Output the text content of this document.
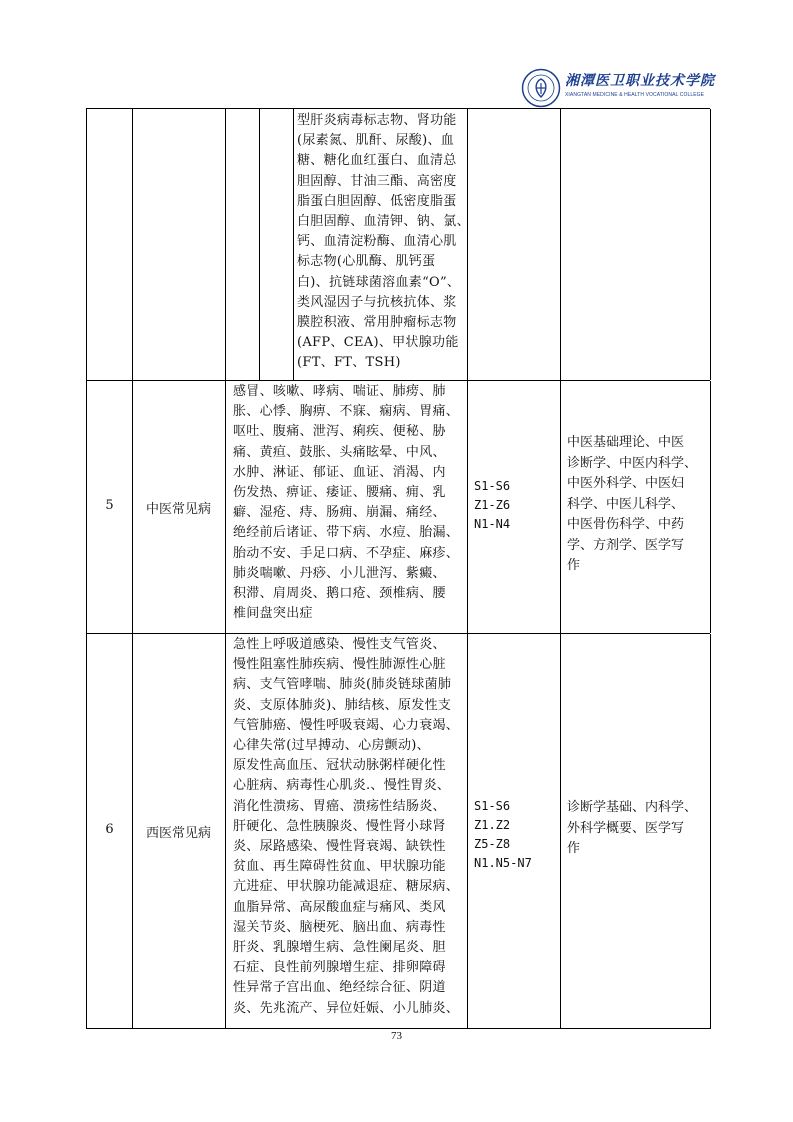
湘潭医卫职业技术学院
XIANGTAN MEDICINE & HEALTH VOCATIONAL COLLEGE
型肝炎病毒标志物、肾功能
(尿素氮、肌酐、尿酸)、血
糖、糖化血红蛋白、血清总
胆固醇、甘油三酯、高密度
脂蛋白胆固醇、低密度脂蛋
白胆固醇、血清钾、钠、氯、
钙、血清淀粉酶、血清心肌
标志物(心肌酶、肌钙蛋
白)、抗链球菌溶血素“O”、
类风湿因子与抗核抗体、浆
膜腔积液、常用肿瘤标志物
(AFP、CEA)、甲状腺功能
(FT、FT、TSH)
5	中医常见病
感冒、咳嗽、哮病、喘证、肺痨、肺
胀、心悸、胸痹、不寐、痫病、胃痛、
呕吐、腹痛、泄泻、痢疾、便秘、胁
痛、黄疸、鼓胀、头痛眩晕、中风、
水肿、淋证、郁证、血证、消渴、内
伤发热、痹证、痿证、腰痛、痈、乳
癖、湿疮、痔、肠痈、崩漏、痛经、
绝经前后诸证、带下病、水痘、胎漏、
胎动不安、手足口病、不孕症、麻疹、
肺炎喘嗽、丹痧、小儿泄泻、紫癜、
积滞、肩周炎、鹅口疮、颈椎病、腰
椎间盘突出症
S1-S6
Z1-Z6
N1-N4
中医基础理论、中医
诊断学、中医内科学、
中医外科学、中医妇
科学、中医儿科学、
中医骨伤科学、中药
学、方剂学、医学写
作
6	西医常见病
急性上呼吸道感染、慢性支气管炎、
慢性阻塞性肺疾病、慢性肺源性心脏
病、支气管哮喘、肺炎(肺炎链球菌肺
炎、支原体肺炎)、肺结核、原发性支
气管肺癌、慢性呼吸衰竭、心力衰竭、
心律失常(过早搏动、心房颤动)、
原发性高血压、冠状动脉粥样硬化性
心脏病、病毒性心肌炎.、慢性胃炎、
消化性溃疡、胃癌、溃疡性结肠炎、
肝硬化、急性胰腺炎、慢性肾小球肾
炎、尿路感染、慢性肾衰竭、缺铁性
贫血、再生障碍性贫血、甲状腺功能
亢进症、甲状腺功能减退症、糖尿病、
血脂异常、高尿酸血症与痛风、类风
湿关节炎、脑梗死、脑出血、病毒性
肝炎、乳腺增生病、急性阑尾炎、胆
石症、良性前列腺增生症、排卵障碍
性异常子宫出血、绝经综合征、阴道
炎、先兆流产、异位妊娠、小儿肺炎、
S1-S6
Z1.Z2
Z5-Z8
N1.N5-N7
诊断学基础、内科学、
外科学概要、医学写
作
73
